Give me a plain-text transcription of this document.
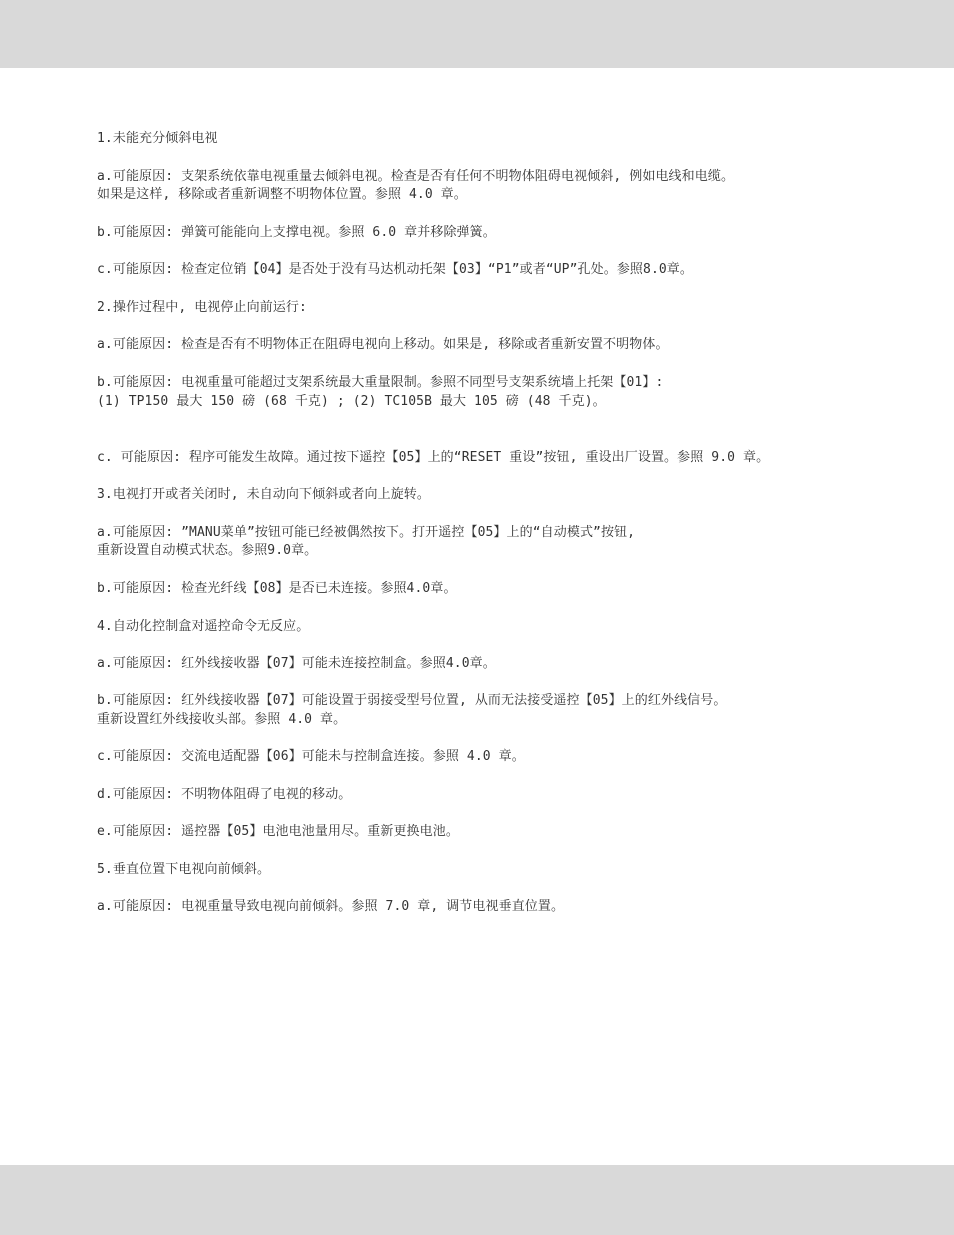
1.未能充分倾斜电视
a.可能原因: 支架系统依靠电视重量去倾斜电视。检查是否有任何不明物体阻碍电视倾斜, 例如电线和电缆。
如果是这样, 移除或者重新调整不明物体位置。参照 4.0 章。
b.可能原因: 弹簧可能能向上支撑电视。参照 6.0 章并移除弹簧。
c.可能原因: 检查定位销【04】是否处于没有马达机动托架【03】“P1”或者“UP”孔处。参照8.0章。
2.操作过程中, 电视停止向前运行:
a.可能原因: 检查是否有不明物体正在阻碍电视向上移动。如果是, 移除或者重新安置不明物体。
b.可能原因: 电视重量可能超过支架系统最大重量限制。参照不同型号支架系统墙上托架【01】:
(1) TP150 最大 150 磅 (68 千克) ; (2) TC105B 最大 105 磅 (48 千克)。
c. 可能原因: 程序可能发生故障。通过按下遥控【05】上的“RESET 重设”按钮, 重设出厂设置。参照 9.0 章。
3.电视打开或者关闭时, 未自动向下倾斜或者向上旋转。
a.可能原因: ”MANU菜单”按钮可能已经被偶然按下。打开遥控【05】上的“自动模式”按钮,
重新设置自动模式状态。参照9.0章。
b.可能原因: 检查光纤线【08】是否已未连接。参照4.0章。
4.自动化控制盒对遥控命令无反应。
a.可能原因: 红外线接收器【07】可能未连接控制盒。参照4.0章。
b.可能原因: 红外线接收器【07】可能设置于弱接受型号位置, 从而无法接受遥控【05】上的红外线信号。
重新设置红外线接收头部。参照 4.0 章。
c.可能原因: 交流电适配器【06】可能未与控制盒连接。参照 4.0 章。
d.可能原因: 不明物体阻碍了电视的移动。
e.可能原因: 遥控器【05】电池电池量用尽。重新更换电池。
5.垂直位置下电视向前倾斜。
a.可能原因: 电视重量导致电视向前倾斜。参照 7.0 章, 调节电视垂直位置。
